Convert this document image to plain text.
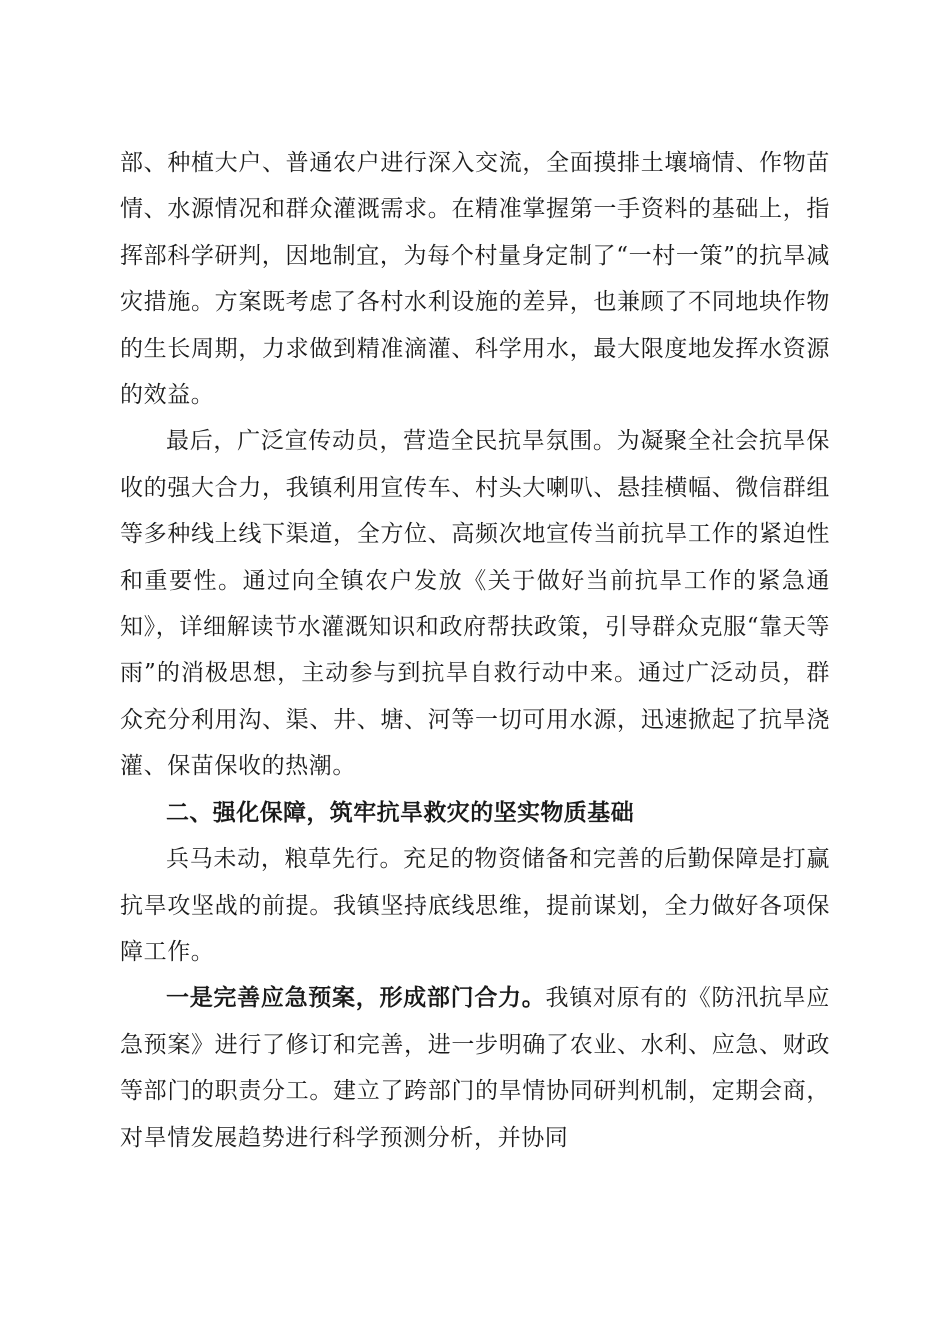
部、种植大户、普通农户进行深入交流，全面摸排土壤墒情、作物苗情、水源情况和群众灌溉需求。在精准掌握第一手资料的基础上，指挥部科学研判，因地制宜，为每个村量身定制了“一村一策”的抗旱减灾措施。方案既考虑了各村水利设施的差异，也兼顾了不同地块作物的生长周期，力求做到精准滴灌、科学用水，最大限度地发挥水资源的效益。

最后，广泛宣传动员，营造全民抗旱氛围。为凝聚全社会抗旱保收的强大合力，我镇利用宣传车、村头大喇叭、悬挂横幅、微信群组等多种线上线下渠道，全方位、高频次地宣传当前抗旱工作的紧迫性和重要性。通过向全镇农户发放《关于做好当前抗旱工作的紧急通知》，详细解读节水灌溉知识和政府帮扶政策，引导群众克服“靠天等雨”的消极思想，主动参与到抗旱自救行动中来。通过广泛动员，群众充分利用沟、渠、井、塘、河等一切可用水源，迅速掀起了抗旱浇灌、保苗保收的热潮。

二、强化保障，筑牢抗旱救灾的坚实物质基础

兵马未动，粮草先行。充足的物资储备和完善的后勤保障是打赢抗旱攻坚战的前提。我镇坚持底线思维，提前谋划，全力做好各项保障工作。

一是完善应急预案，形成部门合力。我镇对原有的《防汛抗旱应急预案》进行了修订和完善，进一步明确了农业、水利、应急、财政等部门的职责分工。建立了跨部门的旱情协同研判机制，定期会商，对旱情发展趋势进行科学预测分析，并协同
